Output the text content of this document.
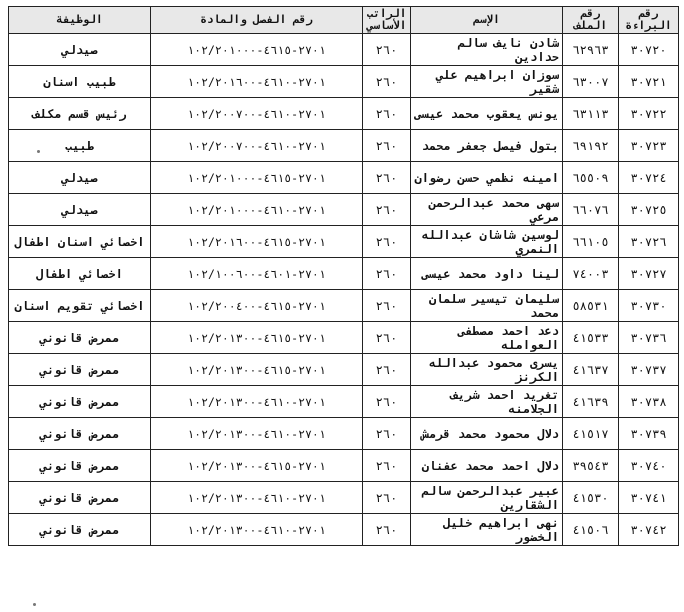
رقم البراءة	رقم الملف	الإسم	الراتب الأساسي	رقم الفصل والمادة	الوظيفة
٣٠٧٢٠	٦٢٩٦٣	شادن نايف سالم حدادين	٢٦٠	٢٧٠١-٤٦١٥-١٠٢/٢٠١٠٠٠	صيدلي
٣٠٧٢١	٦٣٠٠٧	سوزان ابراهيم علي شقير	٢٦٠	٢٧٠١-٤٦١٠-١٠٢/٢٠١٦٠٠	طبيب اسنان
٣٠٧٢٢	٦٣١١٣	يونس يعقوب محمد عيسى	٢٦٠	٢٧٠١-٤٦١٠-١٠٢/٢٠٠٧٠٠	رئيس قسم مكلف
٣٠٧٢٣	٦٩١٩٢	بتول فيصل جعفر محمد	٢٦٠	٢٧٠١-٤٦١٠-١٠٢/٢٠٠٧٠٠	طبيب
٣٠٧٢٤	٦٥٥٠٩	امينه نظمي حسن رضوان	٢٦٠	٢٧٠١-٤٦١٥-١٠٢/٢٠١٠٠٠	صيدلي
٣٠٧٢٥	٦٦٠٧٦	سهى محمد عبدالرحمن مرعي	٢٦٠	٢٧٠١-٤٦١٠-١٠٢/٢٠١٠٠٠	صيدلي
٣٠٧٢٦	٦٦١٠٥	لوسين شاشان عبدالله النمري	٢٦٠	٢٧٠١-٤٦١٥-١٠٢/٢٠١٦٠٠	اخصائي اسنان اطفال
٣٠٧٢٧	٧٤٠٠٣	لينا داود محمد عيسى	٢٦٠	٢٧٠١-٤٦٠١-١٠٢/١٠٠٦٠٠	اخصائي اطفال
٣٠٧٣٠	٥٨٥٣١	سليمان تيسير سلمان محمد	٢٦٠	٢٧٠١-٤٦١٥-١٠٢/٢٠٠٤٠٠	اخصائي تقويم اسنان
٣٠٧٣٦	٤١٥٣٣	دعد احمد مصطفى العوامله	٢٦٠	٢٧٠١-٤٦١٥-١٠٢/٢٠١٣٠٠	ممرض قانوني
٣٠٧٣٧	٤١٦٣٧	يسرى محمود عبدالله الكرنز	٢٦٠	٢٧٠١-٤٦١٥-١٠٢/٢٠١٣٠٠	ممرض قانوني
٣٠٧٣٨	٤١٦٣٩	تغريد احمد شريف الجلامنه	٢٦٠	٢٧٠١-٤٦١٠-١٠٢/٢٠١٣٠٠	ممرض قانوني
٣٠٧٣٩	٤١٥١٧	دلال محمود محمد قرمش	٢٦٠	٢٧٠١-٤٦١٠-١٠٢/٢٠١٣٠٠	ممرض قانوني
٣٠٧٤٠	٣٩٥٤٣	دلال احمد محمد عفنان	٢٦٠	٢٧٠١-٤٦١٥-١٠٢/٢٠١٣٠٠	ممرض قانوني
٣٠٧٤١	٤١٥٣٠	عبير عبدالرحمن سالم الشقارين	٢٦٠	٢٧٠١-٤٦١٠-١٠٢/٢٠١٣٠٠	ممرض قانوني
٣٠٧٤٢	٤١٥٠٦	نهى ابراهيم خليل الخضور	٢٦٠	٢٧٠١-٤٦١٠-١٠٢/٢٠١٣٠٠	ممرض قانوني
